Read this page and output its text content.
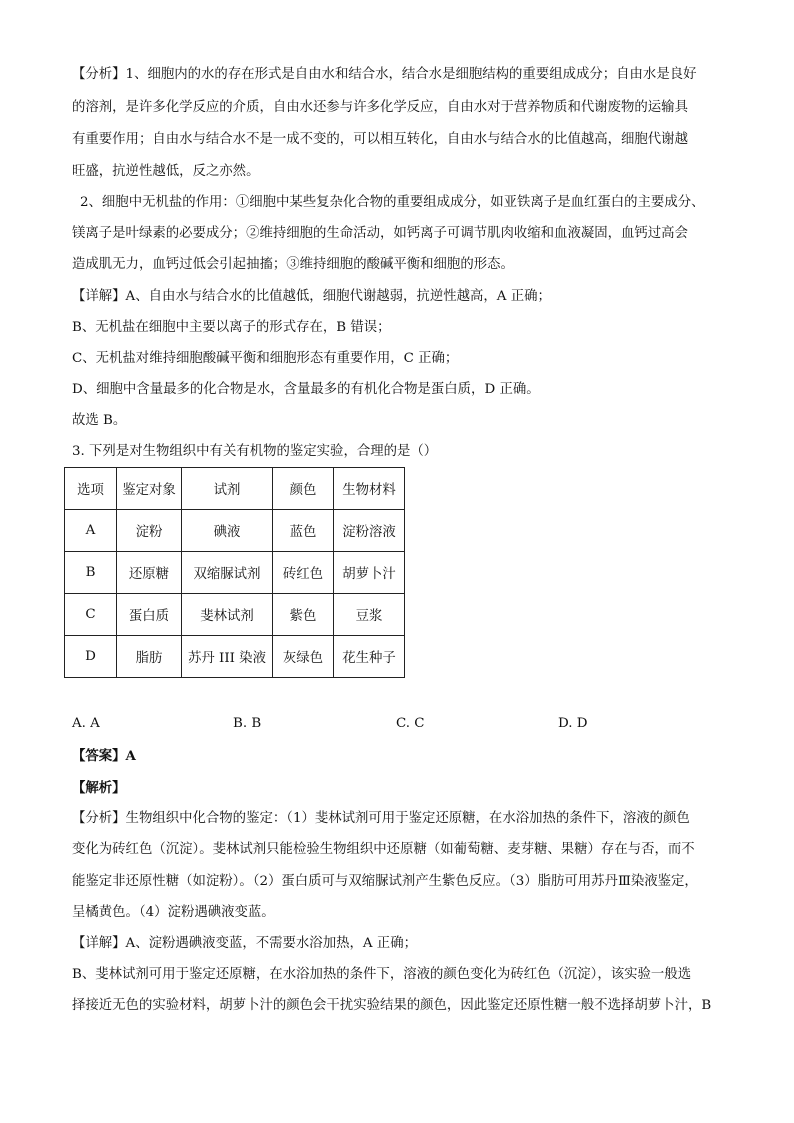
【分析】1、细胞内的水的存在形式是自由水和结合水，结合水是细胞结构的重要组成成分；自由水是良好
的溶剂，是许多化学反应的介质，自由水还参与许多化学反应，自由水对于营养物质和代谢废物的运输具
有重要作用；自由水与结合水不是一成不变的，可以相互转化，自由水与结合水的比值越高，细胞代谢越
旺盛，抗逆性越低，反之亦然。
2、细胞中无机盐的作用：①细胞中某些复杂化合物的重要组成成分，如亚铁离子是血红蛋白的主要成分、
镁离子是叶绿素的必要成分；②维持细胞的生命活动，如钙离子可调节肌肉收缩和血液凝固，血钙过高会
造成肌无力，血钙过低会引起抽搐；③维持细胞的酸碱平衡和细胞的形态。
【详解】A、自由水与结合水的比值越低，细胞代谢越弱，抗逆性越高，A 正确；
B、无机盐在细胞中主要以离子的形式存在，B 错误；
C、无机盐对维持细胞酸碱平衡和细胞形态有重要作用，C 正确；
D、细胞中含量最多的化合物是水，含量最多的有机化合物是蛋白质，D 正确。
故选 B。
3. 下列是对生物组织中有关有机物的鉴定实验，合理的是（）
选项	鉴定对象	试剂	颜色	生物材料
A	淀粉	碘液	蓝色	淀粉溶液
B	还原糖	双缩脲试剂	砖红色	胡萝卜汁
C	蛋白质	斐林试剂	紫色	豆浆
D	脂肪	苏丹 III 染液	灰绿色	花生种子
A. A	B. B	C. C	D. D
【答案】A
【解析】
【分析】生物组织中化合物的鉴定：（1）斐林试剂可用于鉴定还原糖，在水浴加热的条件下，溶液的颜色
变化为砖红色（沉淀）。斐林试剂只能检验生物组织中还原糖（如葡萄糖、麦芽糖、果糖）存在与否，而不
能鉴定非还原性糖（如淀粉）。（2）蛋白质可与双缩脲试剂产生紫色反应。（3）脂肪可用苏丹Ⅲ染液鉴定，
呈橘黄色。（4）淀粉遇碘液变蓝。
【详解】A、淀粉遇碘液变蓝，不需要水浴加热，A 正确；
B、斐林试剂可用于鉴定还原糖，在水浴加热的条件下，溶液的颜色变化为砖红色（沉淀），该实验一般选
择接近无色的实验材料，胡萝卜汁的颜色会干扰实验结果的颜色，因此鉴定还原性糖一般不选择胡萝卜汁，B
